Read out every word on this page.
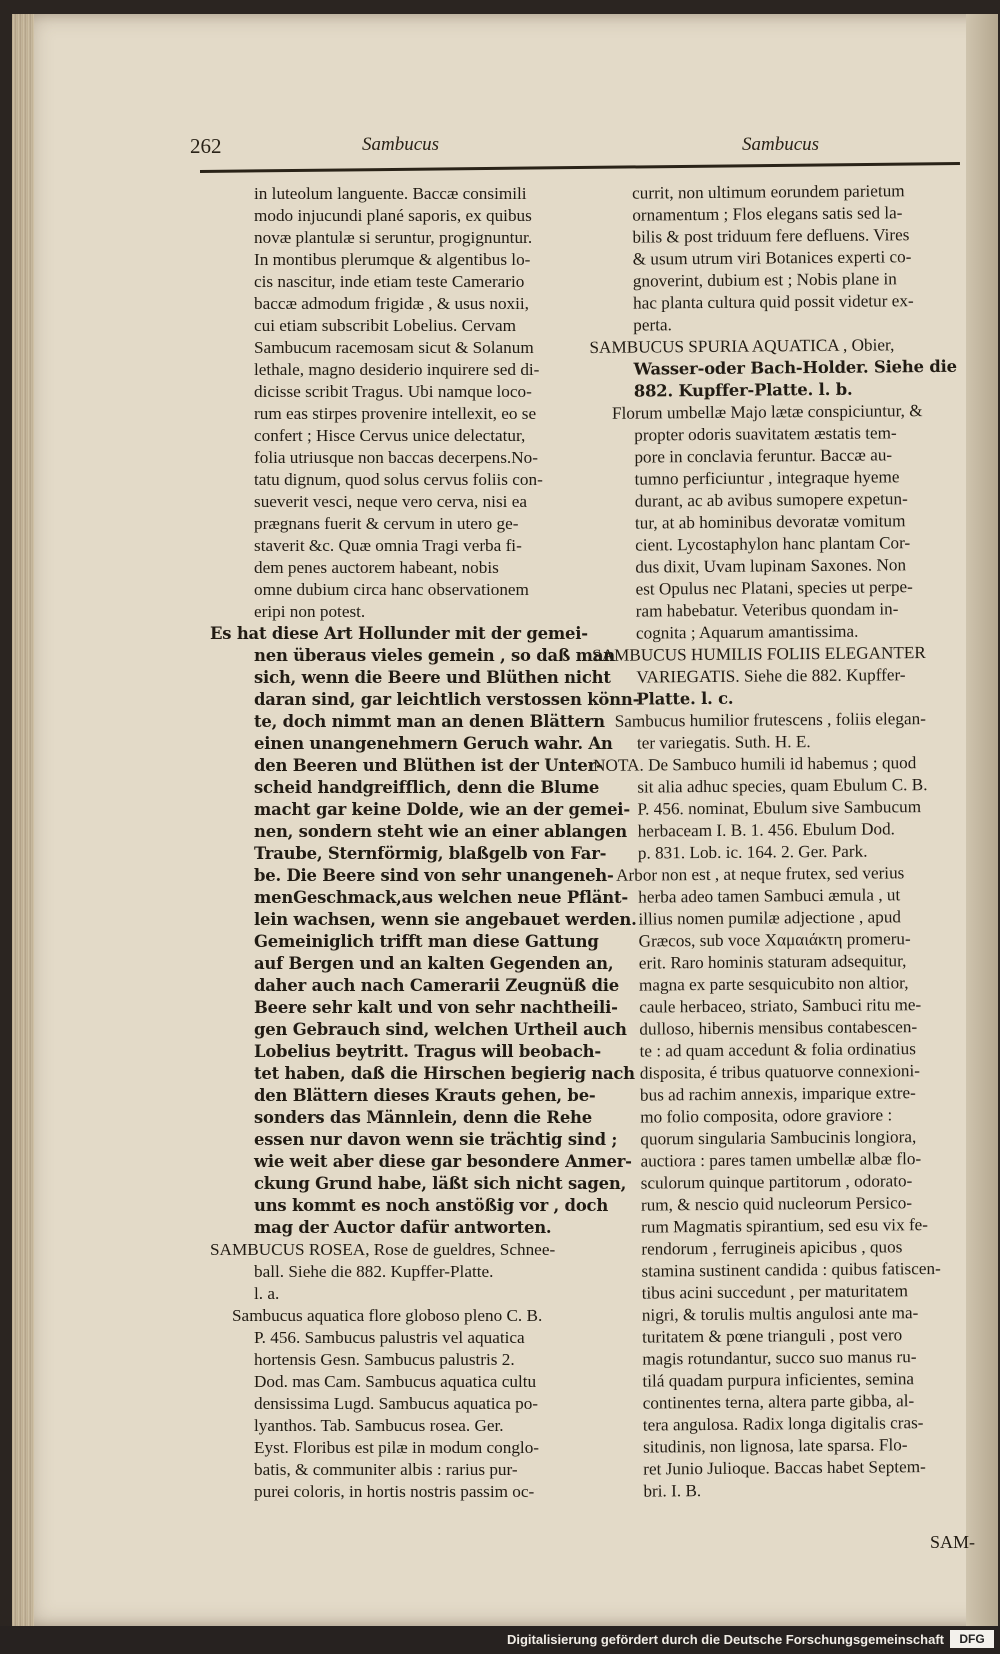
262	Sambucus	Sambucus
in luteolum languente. Baccæ consimili
modo injucundi plané saporis, ex quibus
novæ plantulæ si seruntur, progignuntur.
In montibus plerumque & algentibus lo-
cis nascitur, inde etiam teste Camerario
baccæ admodum frigidæ , & usus noxii,
cui etiam subscribit Lobelius. Cervam
Sambucum racemosam sicut & Solanum
lethale, magno desiderio inquirere sed di-
dicisse scribit Tragus. Ubi namque loco-
rum eas stirpes provenire intellexit, eo se
confert ; Hisce Cervus unice delectatur,
folia utriusque non baccas decerpens.No-
tatu dignum, quod solus cervus foliis con-
sueverit vesci, neque vero cerva, nisi ea
prægnans fuerit & cervum in utero ge-
staverit &c. Quæ omnia Tragi verba fi-
dem penes auctorem habeant, nobis
omne dubium circa hanc observationem
eripi non potest.
Es hat diese Art Hollunder mit der gemei-
nen überaus vieles gemein , so daß man
sich, wenn die Beere und Blüthen nicht
daran sind, gar leichtlich verstossen könn-
te, doch nimmt man an denen Blättern
einen unangenehmern Geruch wahr. An
den Beeren und Blüthen ist der Unter-
scheid handgreifflich, denn die Blume
macht gar keine Dolde, wie an der gemei-
nen, sondern steht wie an einer ablangen
Traube, Sternförmig, blaßgelb von Far-
be. Die Beere sind von sehr unangeneh-
menGeschmack,aus welchen neue Pflänt-
lein wachsen, wenn sie angebauet werden.
Gemeiniglich trifft man diese Gattung
auf Bergen und an kalten Gegenden an,
daher auch nach Camerarii Zeugnüß die
Beere sehr kalt und von sehr nachtheili-
gen Gebrauch sind, welchen Urtheil auch
Lobelius beytritt. Tragus will beobach-
tet haben, daß die Hirschen begierig nach
den Blättern dieses Krauts gehen, be-
sonders das Männlein, denn die Rehe
essen nur davon wenn sie trächtig sind ;
wie weit aber diese gar besondere Anmer-
ckung Grund habe, läßt sich nicht sagen,
uns kommt es noch anstößig vor , doch
mag der Auctor dafür antworten.
SAMBUCUS ROSEA, Rose de gueldres, Schnee-
ball. Siehe die 882. Kupffer-Platte.
l. a.
Sambucus aquatica flore globoso pleno C. B.
P. 456. Sambucus palustris vel aquatica
hortensis Gesn. Sambucus palustris 2.
Dod. mas Cam. Sambucus aquatica cultu
densissima Lugd. Sambucus aquatica po-
lyanthos. Tab. Sambucus rosea. Ger.
Eyst. Floribus est pilæ in modum conglo-
batis, & communiter albis : rarius pur-
purei coloris, in hortis nostris passim oc-
currit, non ultimum eorundem parietum
ornamentum ; Flos elegans satis sed la-
bilis & post triduum fere defluens. Vires
& usum utrum viri Botanices experti co-
gnoverint, dubium est ; Nobis plane in
hac planta cultura quid possit videtur ex-
perta.
SAMBUCUS SPURIA AQUATICA , Obier,
Wasser-oder Bach-Holder. Siehe die
882. Kupffer-Platte. l. b.
Florum umbellæ Majo lætæ conspiciuntur, &
propter odoris suavitatem æstatis tem-
pore in conclavia feruntur. Baccæ au-
tumno perficiuntur , integraque hyeme
durant, ac ab avibus sumopere expetun-
tur, at ab hominibus devoratæ vomitum
cient. Lycostaphylon hanc plantam Cor-
dus dixit, Uvam lupinam Saxones. Non
est Opulus nec Platani, species ut perpe-
ram habebatur. Veteribus quondam in-
cognita ; Aquarum amantissima.
SAMBUCUS HUMILIS FOLIIS ELEGANTER
VARIEGATIS. Siehe die 882. Kupffer-
Platte. l. c.
Sambucus humilior frutescens , foliis elegan-
ter variegatis. Suth. H. E.
NOTA. De Sambuco humili id habemus ; quod
sit alia adhuc species, quam Ebulum C. B.
P. 456. nominat, Ebulum sive Sambucum
herbaceam I. B. 1. 456. Ebulum Dod.
p. 831. Lob. ic. 164. 2. Ger. Park.
Arbor non est , at neque frutex, sed verius
herba adeo tamen Sambuci æmula , ut
illius nomen pumilæ adjectione , apud
Græcos, sub voce Χαμαιάκτη promeru-
erit. Raro hominis staturam adsequitur,
magna ex parte sesquicubito non altior,
caule herbaceo, striato, Sambuci ritu me-
dulloso, hibernis mensibus contabescen-
te : ad quam accedunt & folia ordinatius
disposita, é tribus quatuorve connexioni-
bus ad rachim annexis, imparique extre-
mo folio composita, odore graviore :
quorum singularia Sambucinis longiora,
auctiora : pares tamen umbellæ albæ flo-
sculorum quinque partitorum , odorato-
rum, & nescio quid nucleorum Persico-
rum Magmatis spirantium, sed esu vix fe-
rendorum , ferrugineis apicibus , quos
stamina sustinent candida : quibus fatiscen-
tibus acini succedunt , per maturitatem
nigri, & torulis multis angulosi ante ma-
turitatem & pœne trianguli , post vero
magis rotundantur, succo suo manus ru-
tilá quadam purpura inficientes, semina
continentes terna, altera parte gibba, al-
tera angulosa. Radix longa digitalis cras-
situdinis, non lignosa, late sparsa. Flo-
ret Junio Julioque. Baccas habet Septem-
bri. I. B.
SAM-
Digitalisierung gefördert durch die Deutsche Forschungsgemeinschaft	DFG
